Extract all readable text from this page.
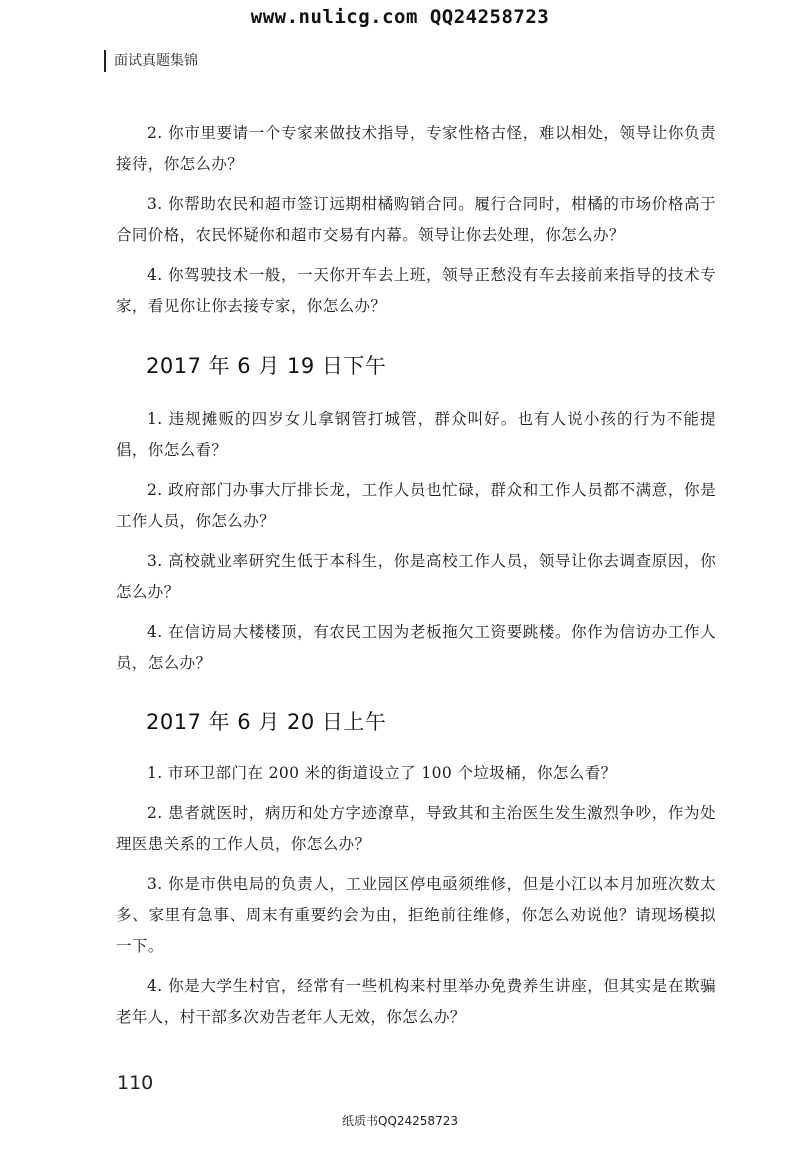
www.nulicg.com QQ24258723
面试真题集锦

2. 你市里要请一个专家来做技术指导，专家性格古怪，难以相处，领导让你负责接待，你怎么办？

3. 你帮助农民和超市签订远期柑橘购销合同。履行合同时，柑橘的市场价格高于合同价格，农民怀疑你和超市交易有内幕。领导让你去处理，你怎么办？

4. 你驾驶技术一般，一天你开车去上班，领导正愁没有车去接前来指导的技术专家，看见你让你去接专家，你怎么办？

2017 年 6 月 19 日下午

1. 违规摊贩的四岁女儿拿钢管打城管，群众叫好。也有人说小孩的行为不能提倡，你怎么看？

2. 政府部门办事大厅排长龙，工作人员也忙碌，群众和工作人员都不满意，你是工作人员，你怎么办？

3. 高校就业率研究生低于本科生，你是高校工作人员，领导让你去调查原因，你怎么办？

4. 在信访局大楼楼顶，有农民工因为老板拖欠工资要跳楼。你作为信访办工作人员，怎么办？

2017 年 6 月 20 日上午

1. 市环卫部门在 200 米的街道设立了 100 个垃圾桶，你怎么看？

2. 患者就医时，病历和处方字迹潦草，导致其和主治医生发生激烈争吵，作为处理医患关系的工作人员，你怎么办？

3. 你是市供电局的负责人，工业园区停电亟须维修，但是小江以本月加班次数太多、家里有急事、周末有重要约会为由，拒绝前往维修，你怎么劝说他？请现场模拟一下。

4. 你是大学生村官，经常有一些机构来村里举办免费养生讲座，但其实是在欺骗老年人，村干部多次劝告老年人无效，你怎么办？

110
纸质书QQ24258723
